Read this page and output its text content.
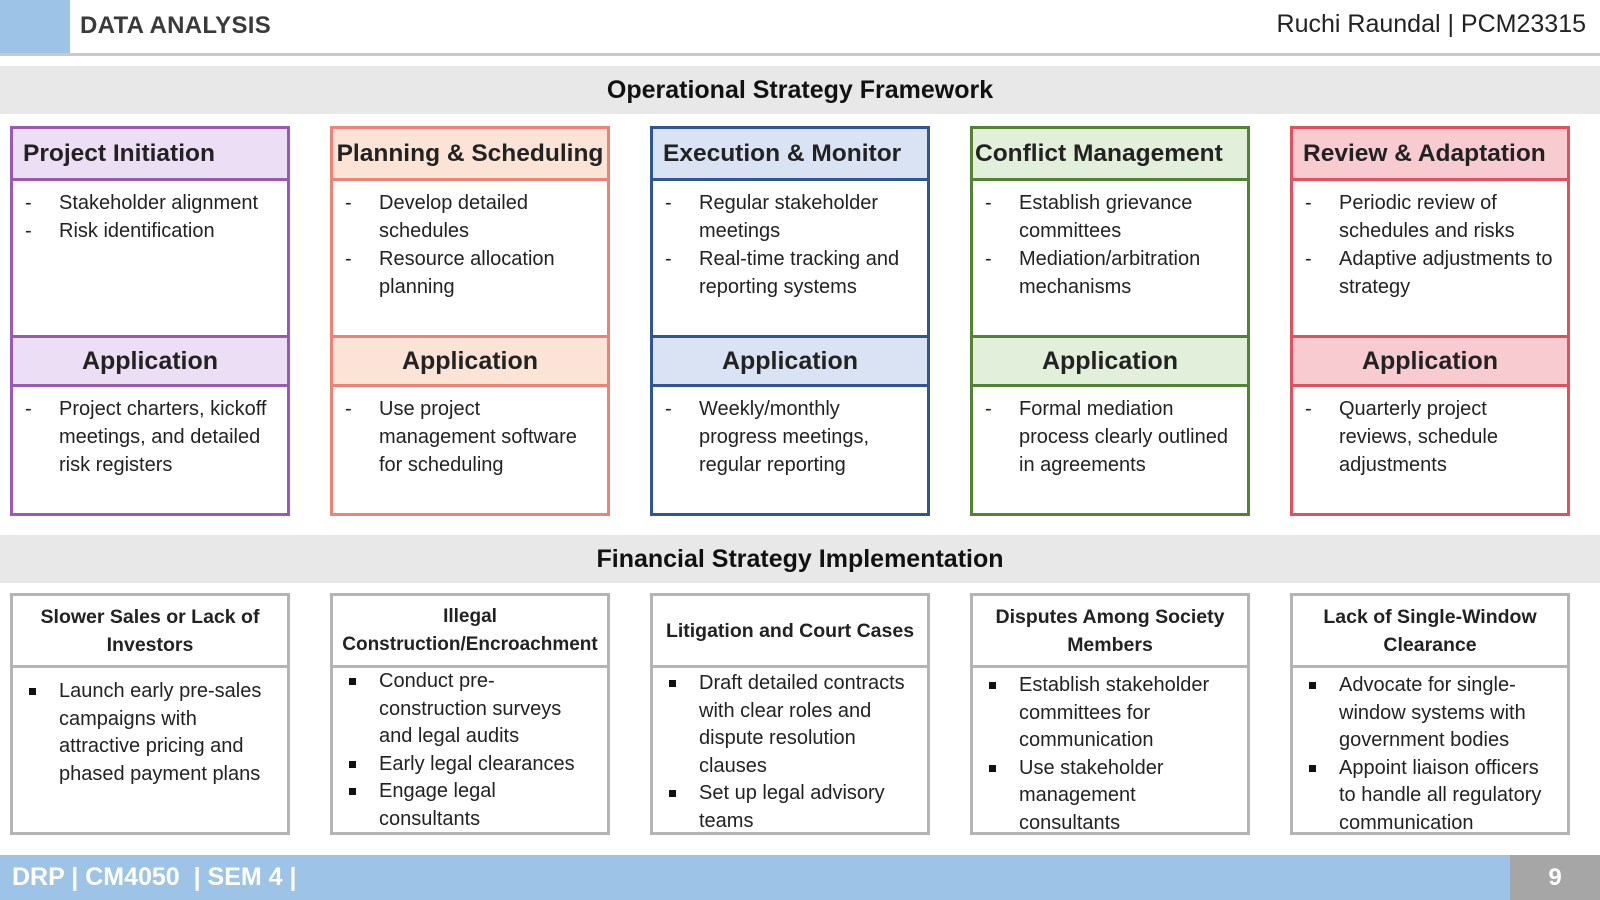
DATA ANALYSIS	Ruchi Raundal | PCM23315
Operational Strategy Framework
Project Initiation
- Stakeholder alignment
- Risk identification
Application
- Project charters, kickoff meetings, and detailed risk registers
Planning & Scheduling
- Develop detailed schedules
- Resource allocation planning
Application
- Use project management software for scheduling
Execution & Monitor
- Regular stakeholder meetings
- Real-time tracking and reporting systems
Application
- Weekly/monthly progress meetings, regular reporting
Conflict Management
- Establish grievance committees
- Mediation/arbitration mechanisms
Application
- Formal mediation process clearly outlined in agreements
Review & Adaptation
- Periodic review of schedules and risks
- Adaptive adjustments to strategy
Application
- Quarterly project reviews, schedule adjustments
Financial Strategy Implementation
Slower Sales or Lack of Investors
Launch early pre-sales campaigns with attractive pricing and phased payment plans
Illegal Construction/Encroachment
Conduct pre-construction surveys and legal audits
Early legal clearances
Engage legal consultants
Litigation and Court Cases
Draft detailed contracts with clear roles and dispute resolution clauses
Set up legal advisory teams
Disputes Among Society Members
Establish stakeholder committees for communication
Use stakeholder management consultants
Lack of Single-Window Clearance
Advocate for single-window systems with government bodies
Appoint liaison officers to handle all regulatory communication
DRP | CM4050  | SEM 4 |	9
